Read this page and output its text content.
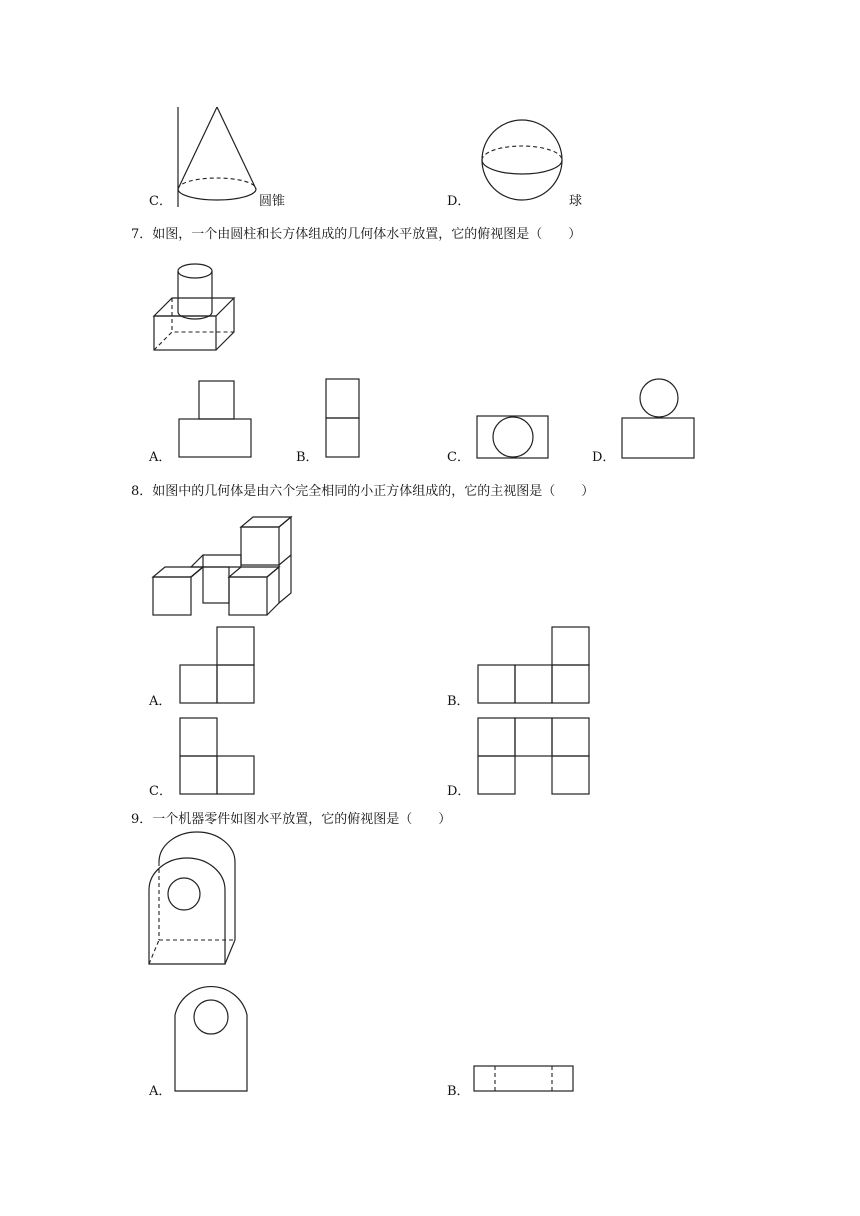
C．	圆锥	D．	球
7．如图，一个由圆柱和长方体组成的几何体水平放置，它的俯视图是（　　）
A．	B．	C．	D．
8．如图中的几何体是由六个完全相同的小正方体组成的，它的主视图是（　　）
A．	B．
C．	D．
9．一个机器零件如图水平放置，它的俯视图是（　　）
A．	B．
